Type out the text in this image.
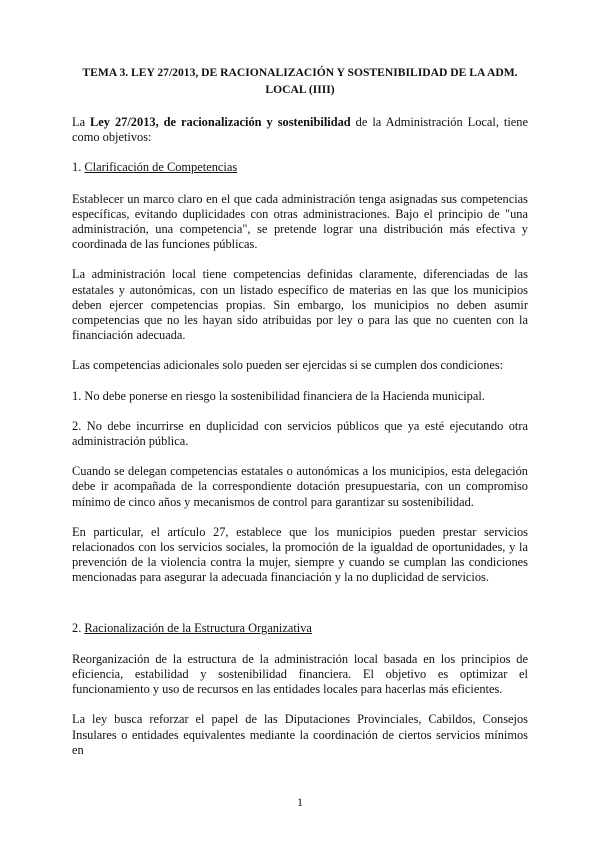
TEMA 3. LEY 27/2013, DE RACIONALIZACIÓN Y SOSTENIBILIDAD DE LA ADM. LOCAL (IIII)

La Ley 27/2013, de racionalización y sostenibilidad de la Administración Local, tiene como objetivos:

1. Clarificación de Competencias

Establecer un marco claro en el que cada administración tenga asignadas sus competencias específicas, evitando duplicidades con otras administraciones. Bajo el principio de "una administración, una competencia", se pretende lograr una distribución más efectiva y coordinada de las funciones públicas.

La administración local tiene competencias definidas claramente, diferenciadas de las estatales y autonómicas, con un listado específico de materias en las que los municipios deben ejercer competencias propias. Sin embargo, los municipios no deben asumir competencias que no les hayan sido atribuidas por ley o para las que no cuenten con la financiación adecuada.

Las competencias adicionales solo pueden ser ejercidas si se cumplen dos condiciones:

1. No debe ponerse en riesgo la sostenibilidad financiera de la Hacienda municipal.

2. No debe incurrirse en duplicidad con servicios públicos que ya esté ejecutando otra administración pública.

Cuando se delegan competencias estatales o autonómicas a los municipios, esta delegación debe ir acompañada de la correspondiente dotación presupuestaria, con un compromiso mínimo de cinco años y mecanismos de control para garantizar su sostenibilidad.

En particular, el artículo 27, establece que los municipios pueden prestar servicios relacionados con los servicios sociales, la promoción de la igualdad de oportunidades, y la prevención de la violencia contra la mujer, siempre y cuando se cumplan las condiciones mencionadas para asegurar la adecuada financiación y la no duplicidad de servicios.

2. Racionalización de la Estructura Organizativa

Reorganización de la estructura de la administración local basada en los principios de eficiencia, estabilidad y sostenibilidad financiera. El objetivo es optimizar el funcionamiento y uso de recursos en las entidades locales para hacerlas más eficientes.

La ley busca reforzar el papel de las Diputaciones Provinciales, Cabildos, Consejos Insulares o entidades equivalentes mediante la coordinación de ciertos servicios mínimos en

1
